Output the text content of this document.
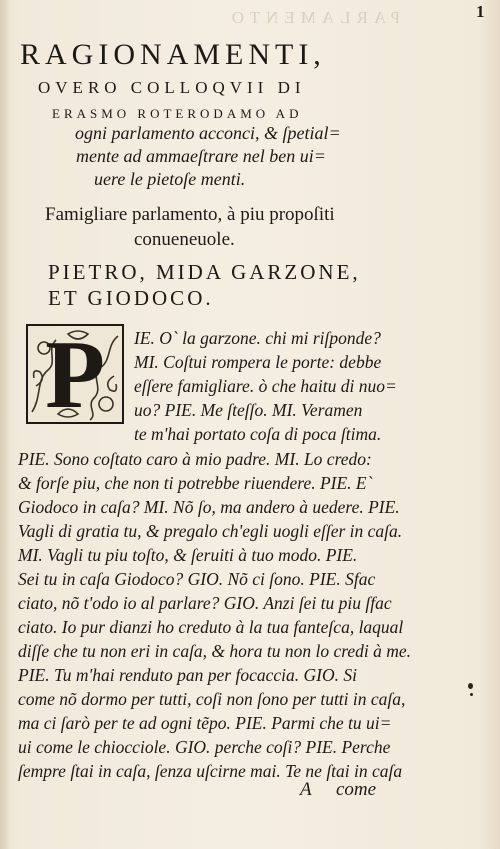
PARLAMENTO	1
RAGIONAMENTI,
OVERO COLLOQVII DI
ERASMO ROTERODAMO AD
ogni parlamento acconci, & ſpetial=
mente ad ammaeſtrare nel ben ui=
uere le pietoſe menti.
Famigliare parlamento, à piu propoſiti
conueneuole.
PIETRO, MIDA GARZONE,
ET GIODOCO.
P	IE. O` la garzone. chi mi riſponde?
MI. Coſtui rompera le porte: debbe
eſſere famigliare. ò che haitu di nuo=
uo? PIE. Me ſteſſo. MI. Veramen
te m'hai portato coſa di poca ſtima.
PIE. Sono coſtato caro à mio padre. MI. Lo credo:
& forſe piu, che non ti potrebbe riuendere. PIE. E`
Giodoco in caſa? MI. Nõ ſo, ma andero à uedere. PIE.
Vagli di gratia tu, & pregalo ch'egli uogli eſſer in caſa.
MI. Vagli tu piu toſto, & ſeruiti à tuo modo. PIE.
Sei tu in caſa Giodoco? GIO. Nõ ci ſono. PIE. Sfac
ciato, nõ t'odo io al parlare? GIO. Anzi ſei tu piu ſfac
ciato. Io pur dianzi ho creduto à la tua fanteſca, laqual
diſſe che tu non eri in caſa, & hora tu non lo credi à me.
PIE. Tu m'hai renduto pan per focaccia. GIO. Si
come nõ dormo per tutti, coſi non ſono per tutti in caſa,
ma ci ſarò per te ad ogni tẽpo. PIE. Parmi che tu ui=
ui come le chiocciole. GIO. perche coſi? PIE. Perche
ſempre ſtai in caſa, ſenza uſcirne mai. Te ne ſtai in caſa
A come
